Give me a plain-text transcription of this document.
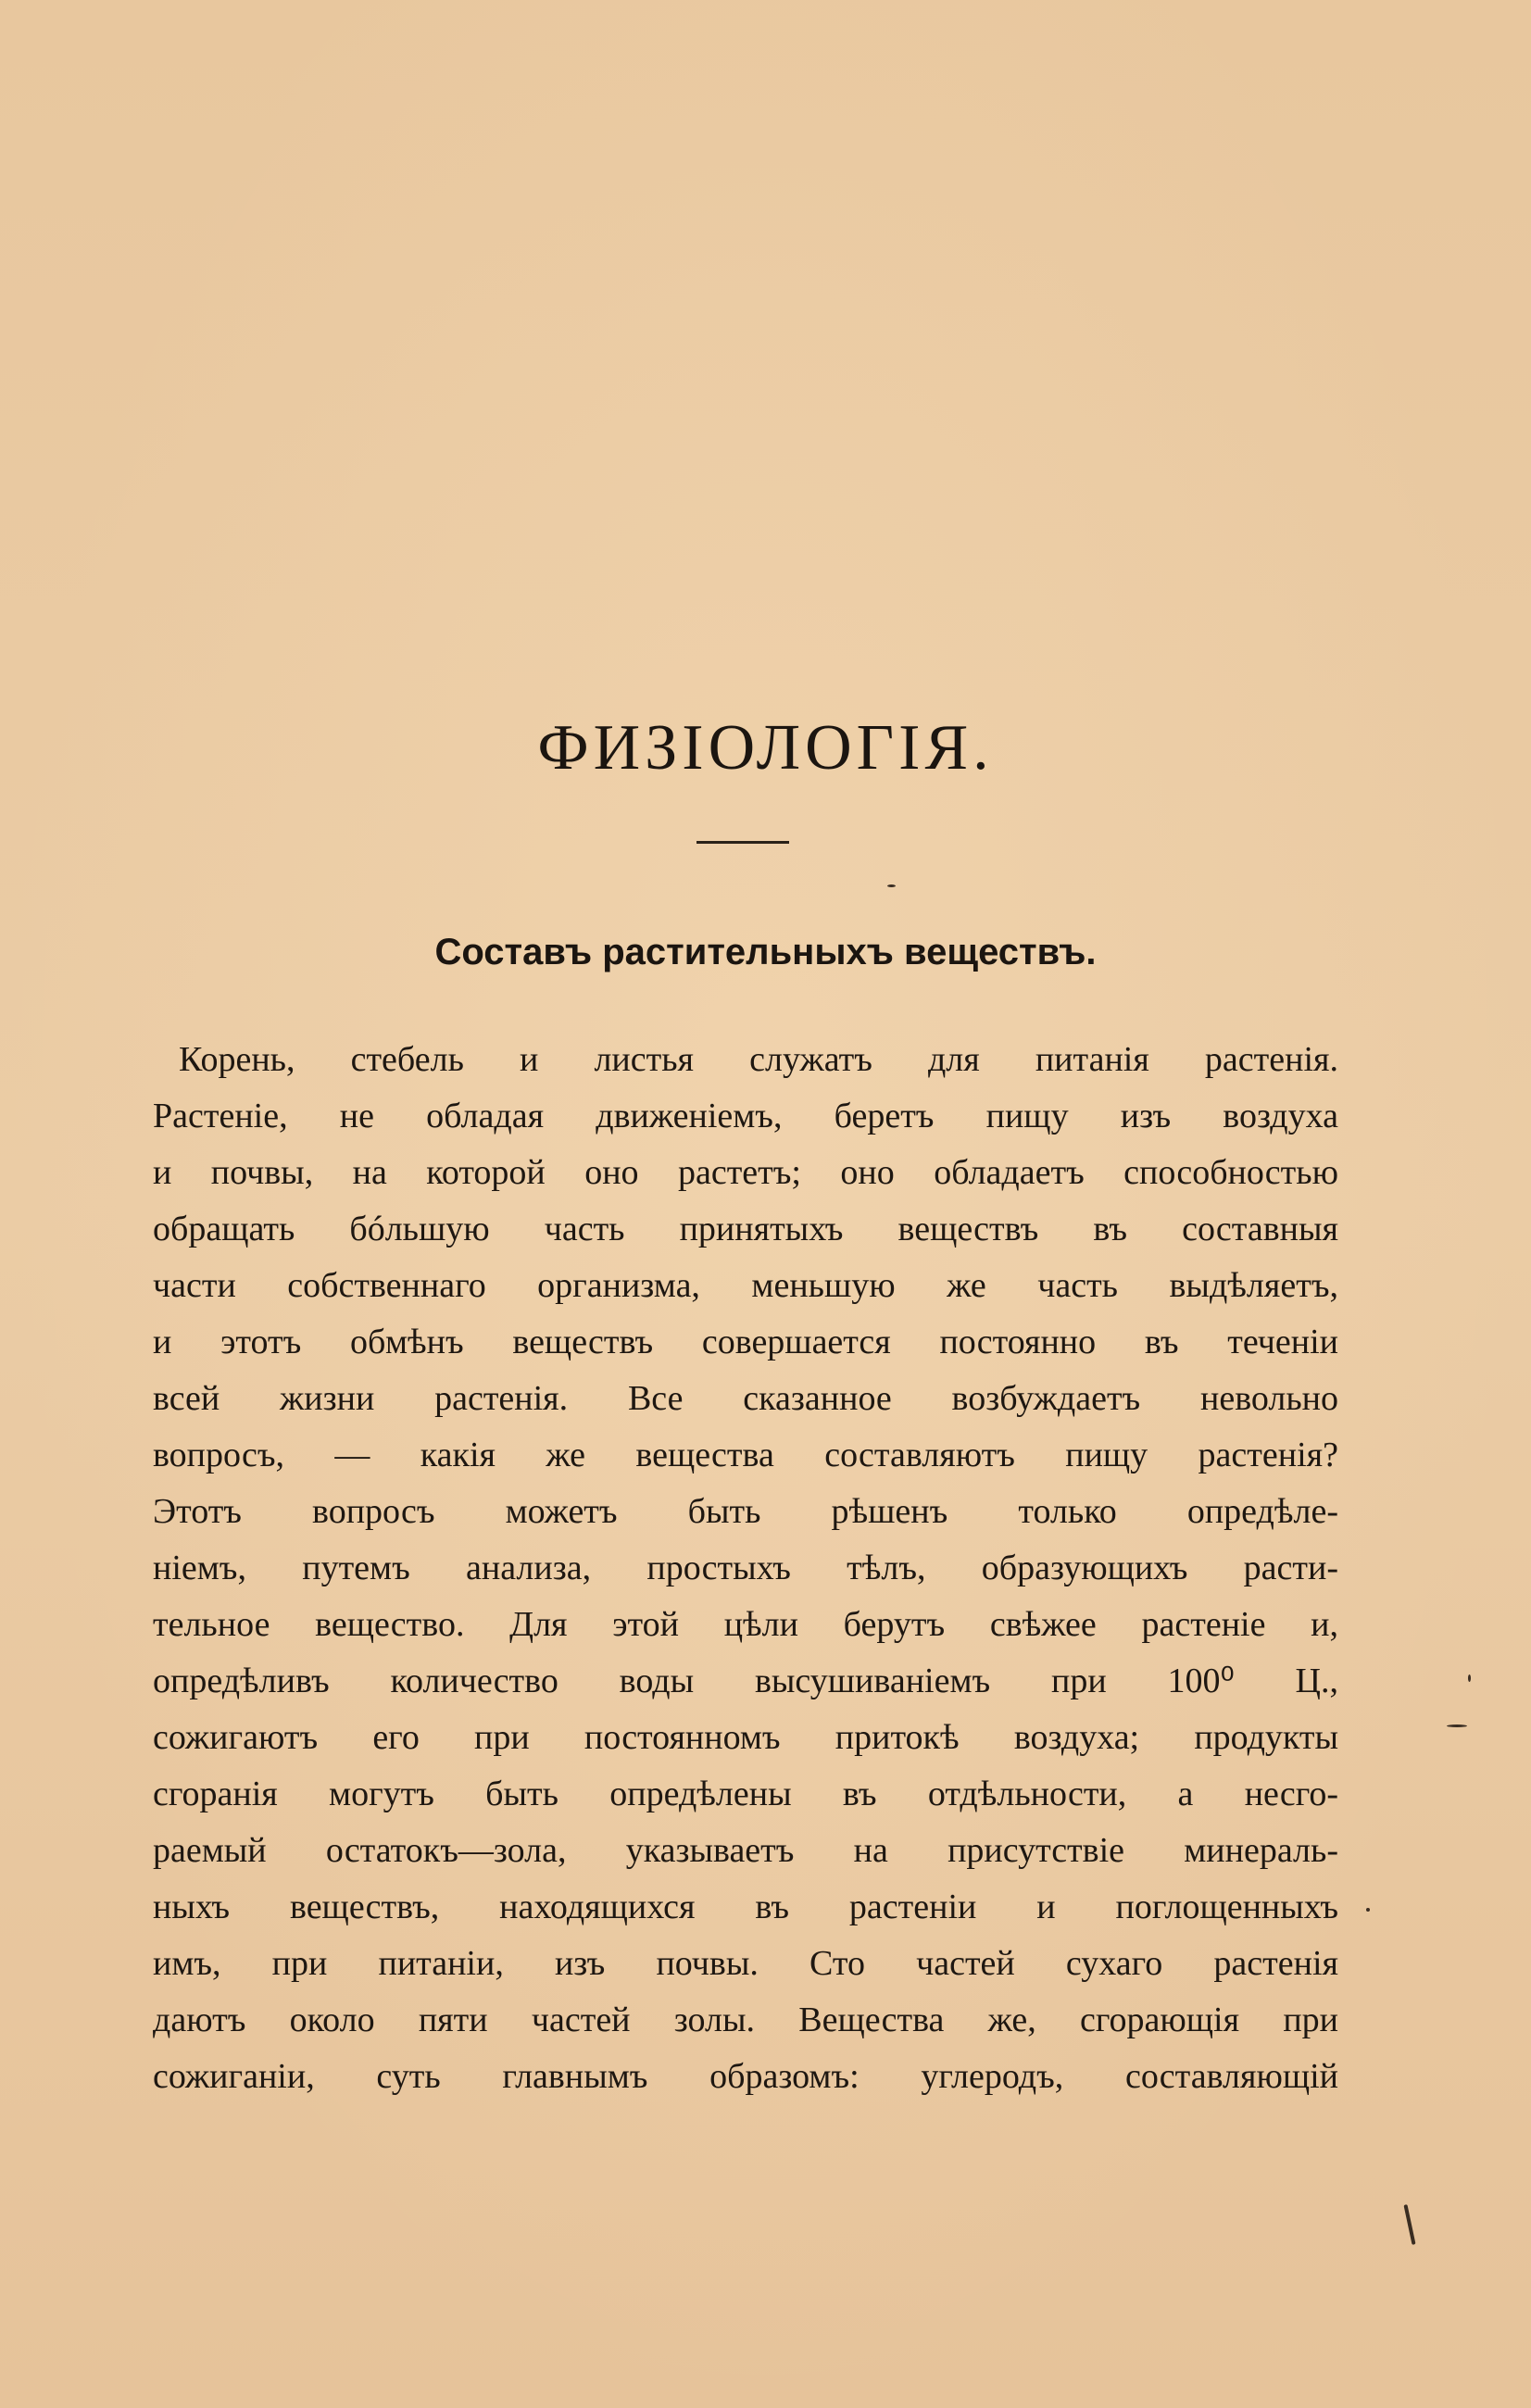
ФИЗІОЛОГІЯ.
Составъ растительныхъ веществъ.
Корень, стебель и листья служатъ для питанія растенія.
Растеніе, не обладая движеніемъ, беретъ пищу изъ воздуха
и почвы, на которой оно растетъ; оно обладаетъ способностью
обращать бóльшую часть принятыхъ веществъ въ составныя
части собственнаго организма, меньшую же часть выдѣляетъ,
и этотъ обмѣнъ веществъ совершается постоянно въ теченіи
всей жизни растенія. Все сказанное возбуждаетъ невольно
вопросъ, — какія же вещества составляютъ пищу растенія?
Этотъ вопросъ можетъ быть рѣшенъ только опредѣле-
ніемъ, путемъ анализа, простыхъ тѣлъ, образующихъ расти-
тельное вещество. Для этой цѣли берутъ свѣжее растеніе и,
опредѣливъ количество воды высушиваніемъ при 100⁰ Ц.,
сожигаютъ его при постоянномъ притокѣ воздуха; продукты
сгоранія могутъ быть опредѣлены въ отдѣльности, а несго-
раемый остатокъ—зола, указываетъ на присутствіе минераль-
ныхъ веществъ, находящихся въ растеніи и поглощенныхъ
имъ, при питаніи, изъ почвы. Сто частей сухаго растенія
даютъ около пяти частей золы. Вещества же, сгорающія при
сожиганіи, суть главнымъ образомъ: углеродъ, составляющій
